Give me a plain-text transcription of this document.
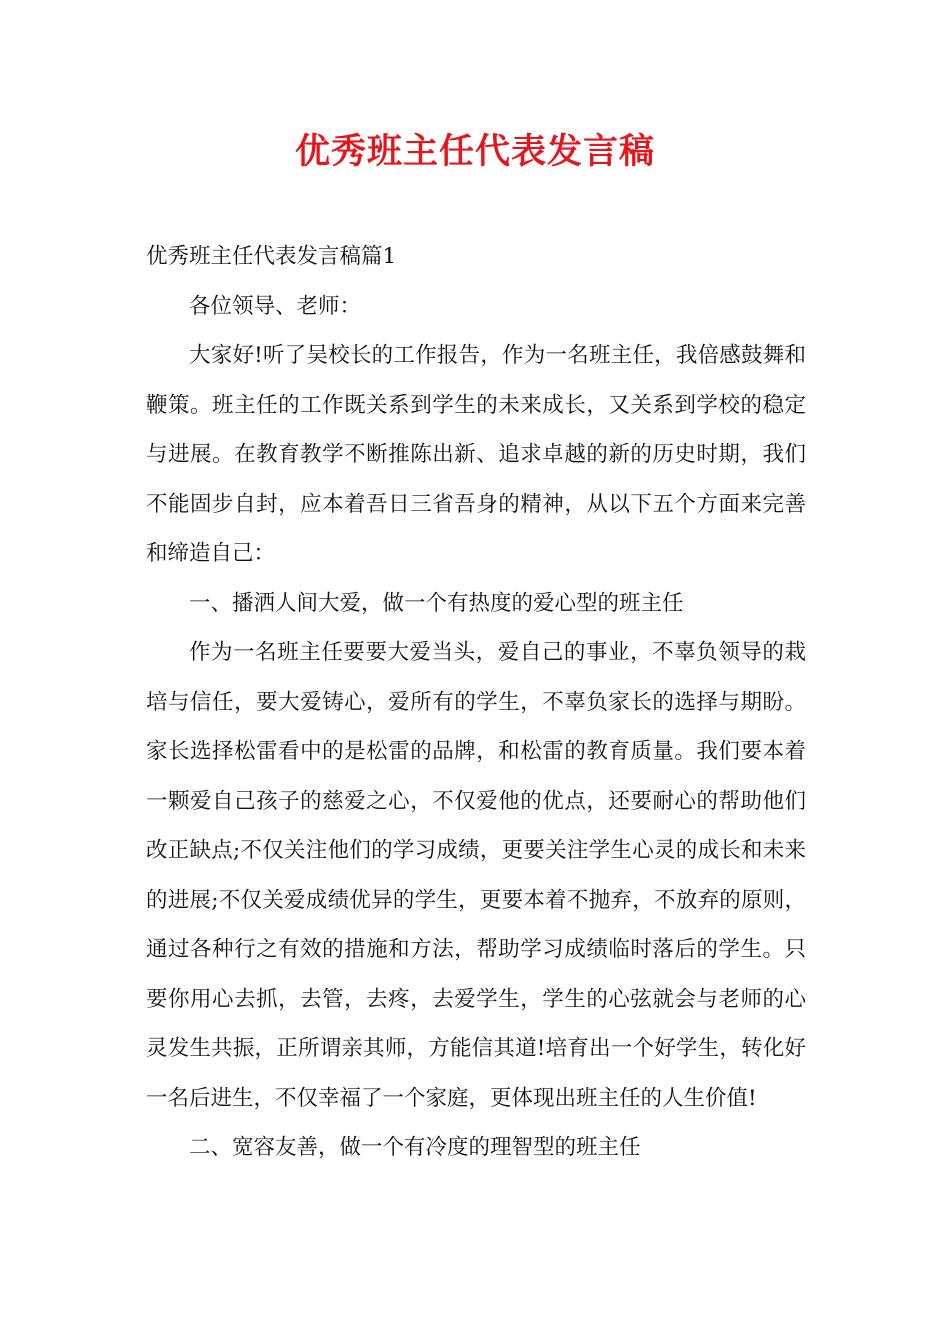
优秀班主任代表发言稿

优秀班主任代表发言稿篇1

各位领导、老师：

大家好!听了吴校长的工作报告，作为一名班主任，我倍感鼓舞和鞭策。班主任的工作既关系到学生的未来成长，又关系到学校的稳定与进展。在教育教学不断推陈出新、追求卓越的新的历史时期，我们不能固步自封，应本着吾日三省吾身的精神，从以下五个方面来完善和缔造自己：

一、播洒人间大爱，做一个有热度的爱心型的班主任

作为一名班主任要要大爱当头，爱自己的事业，不辜负领导的栽培与信任，要大爱铸心，爱所有的学生，不辜负家长的选择与期盼。家长选择松雷看中的是松雷的品牌，和松雷的教育质量。我们要本着一颗爱自己孩子的慈爱之心，不仅爱他的优点，还要耐心的帮助他们改正缺点;不仅关注他们的学习成绩，更要关注学生心灵的成长和未来的进展;不仅关爱成绩优异的学生，更要本着不抛弃，不放弃的原则，通过各种行之有效的措施和方法，帮助学习成绩临时落后的学生。只要你用心去抓，去管，去疼，去爱学生，学生的心弦就会与老师的心灵发生共振，正所谓亲其师，方能信其道!培育出一个好学生，转化好一名后进生，不仅幸福了一个家庭，更体现出班主任的人生价值!

二、宽容友善，做一个有冷度的理智型的班主任
